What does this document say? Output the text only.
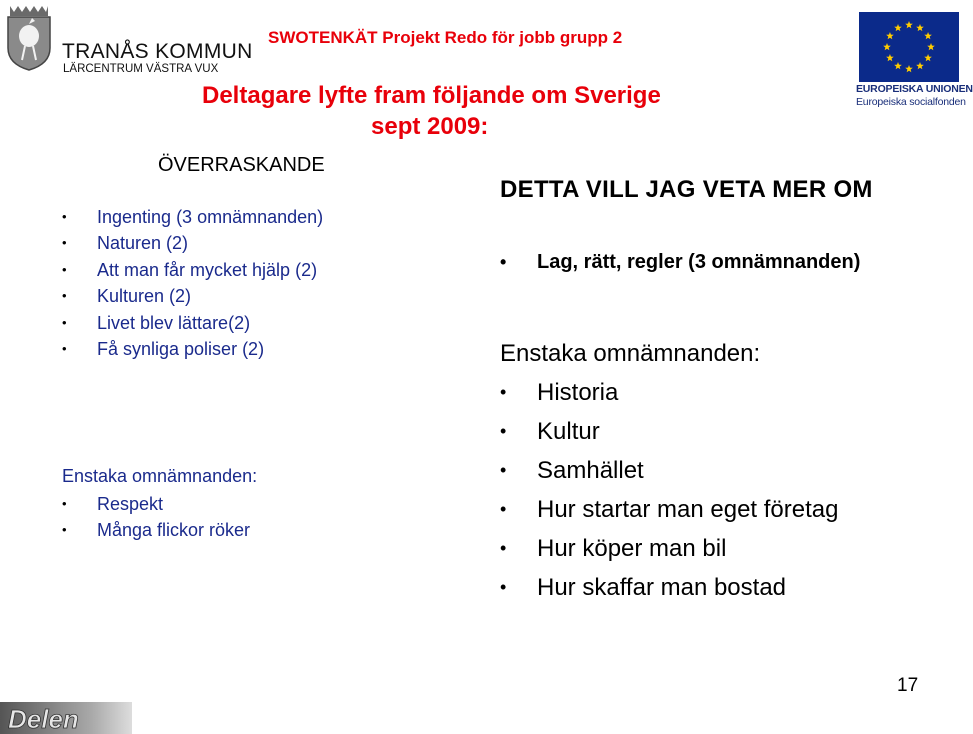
TRANÅS KOMMUN
LÄRCENTRUM VÄSTRA VUX
SWOTENKÄT Projekt Redo för jobb grupp 2
EUROPEISKA UNIONEN
Europeiska socialfonden
Deltagare lyfte fram följande om Sverige
sept 2009:
ÖVERRASKANDE
• Ingenting (3 omnämnanden)
• Naturen (2)
• Att man får mycket hjälp (2)
• Kulturen (2)
• Livet blev lättare(2)
• Få synliga poliser (2)
Enstaka omnämnanden:
• Respekt
• Många flickor röker
DETTA VILL JAG VETA MER OM
• Lag, rätt, regler (3 omnämnanden)
Enstaka omnämnanden:
• Historia
• Kultur
• Samhället
• Hur startar man eget företag
• Hur köper man bil
• Hur skaffar man bostad
17
Delen
